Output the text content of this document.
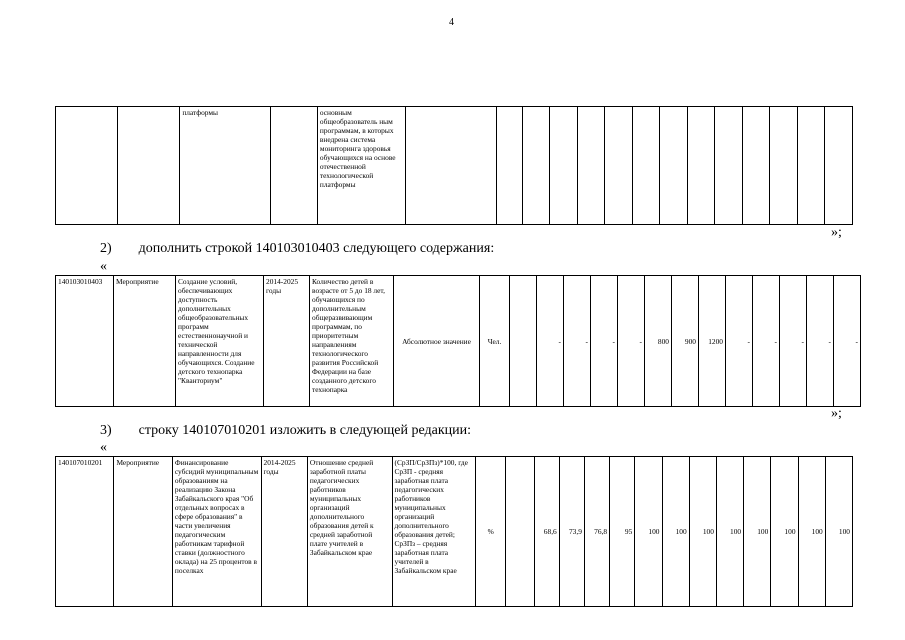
4
		платформы		основным общеобразователь ным программам, в которых внедрена система мониторинга здоровья обучающихся на основе отечественной технологической платформы														
»;
2) дополнить строкой 140103010403 следующего содержания:
«
140103010403	Мероприятие	Создание условий, обеспечивающих доступность дополнительных общеобразовательных программ естественнонаучной и технической направленности для обучающихся. Создание детского технопарка "Кванториум"	2014-2025 годы	Количество детей в возрасте от 5 до 18 лет, обучающихся по дополнительным общеразвивающим программам, по приоритетным направлениям технологического развития Российской Федерации на базе созданного детского технопарка	Абсолютное значение	Чел.		-	-	-	-	800	900	1200	-	-	-	-	-
»;
3) строку 140107010201 изложить в следующей редакции:
«
140107010201	Мероприятие	Финансирование субсидий муниципальным образованиям на реализацию Закона Забайкальского края "Об отдельных вопросах в сфере образования" в части увеличения педагогическим работникам тарифной ставки (должностного оклада) на 25 процентов в поселках	2014-2025 годы	Отношение средней заработной платы педагогических работников муниципальных организаций дополнительного образования детей к средней заработной плате учителей в Забайкальском крае	(СрЗП/СрЗПз)*100, где СрЗП - средняя заработная плата педагогических работников муниципальных организаций дополнительного образования детей; СрЗПз – средняя заработная плата учителей в Забайкальском крае	%		68,6	73,9	76,8	95	100	100	100	100	100	100	100	100
